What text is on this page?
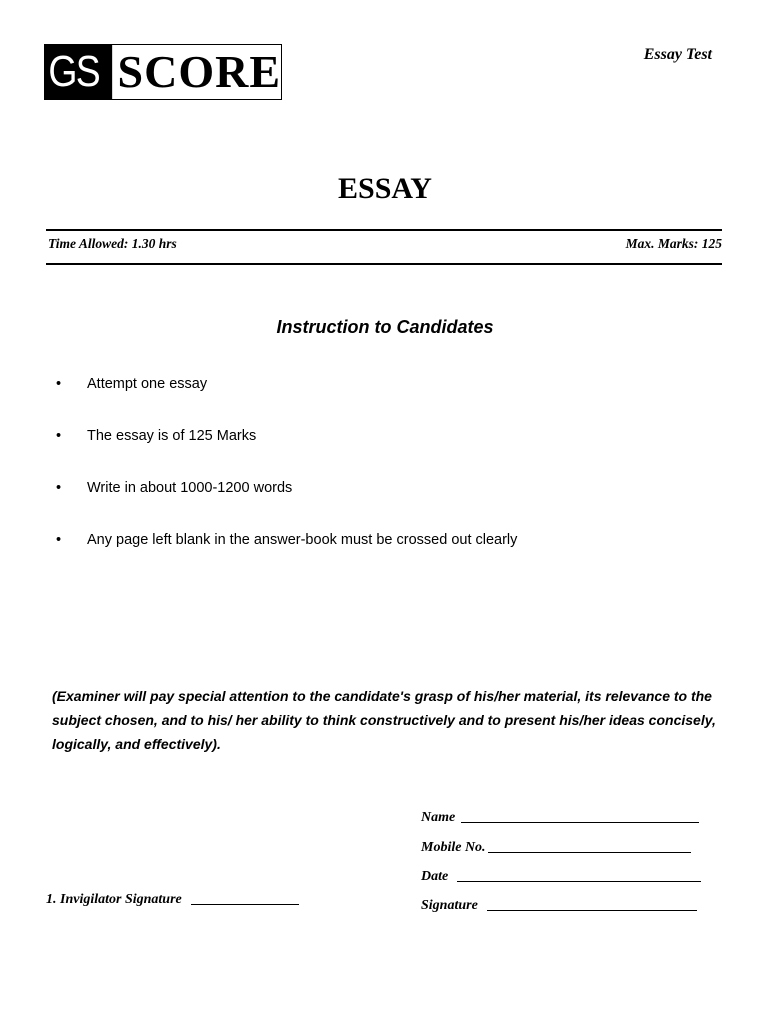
GS SCORE	Essay Test
ESSAY
Time Allowed: 1.30 hrs	Max. Marks: 125
Instruction to Candidates
•	Attempt one essay
•	The essay is of 125 Marks
•	Write in about 1000-1200 words
•	Any page left blank in the answer-book must be crossed out clearly
(Examiner will pay special attention to the candidate's grasp of his/her material, its relevance to the subject chosen, and to his/ her ability to think constructively and to present his/her ideas concisely, logically, and effectively).
Name
Mobile No.
Date
Signature
1. Invigilator Signature
